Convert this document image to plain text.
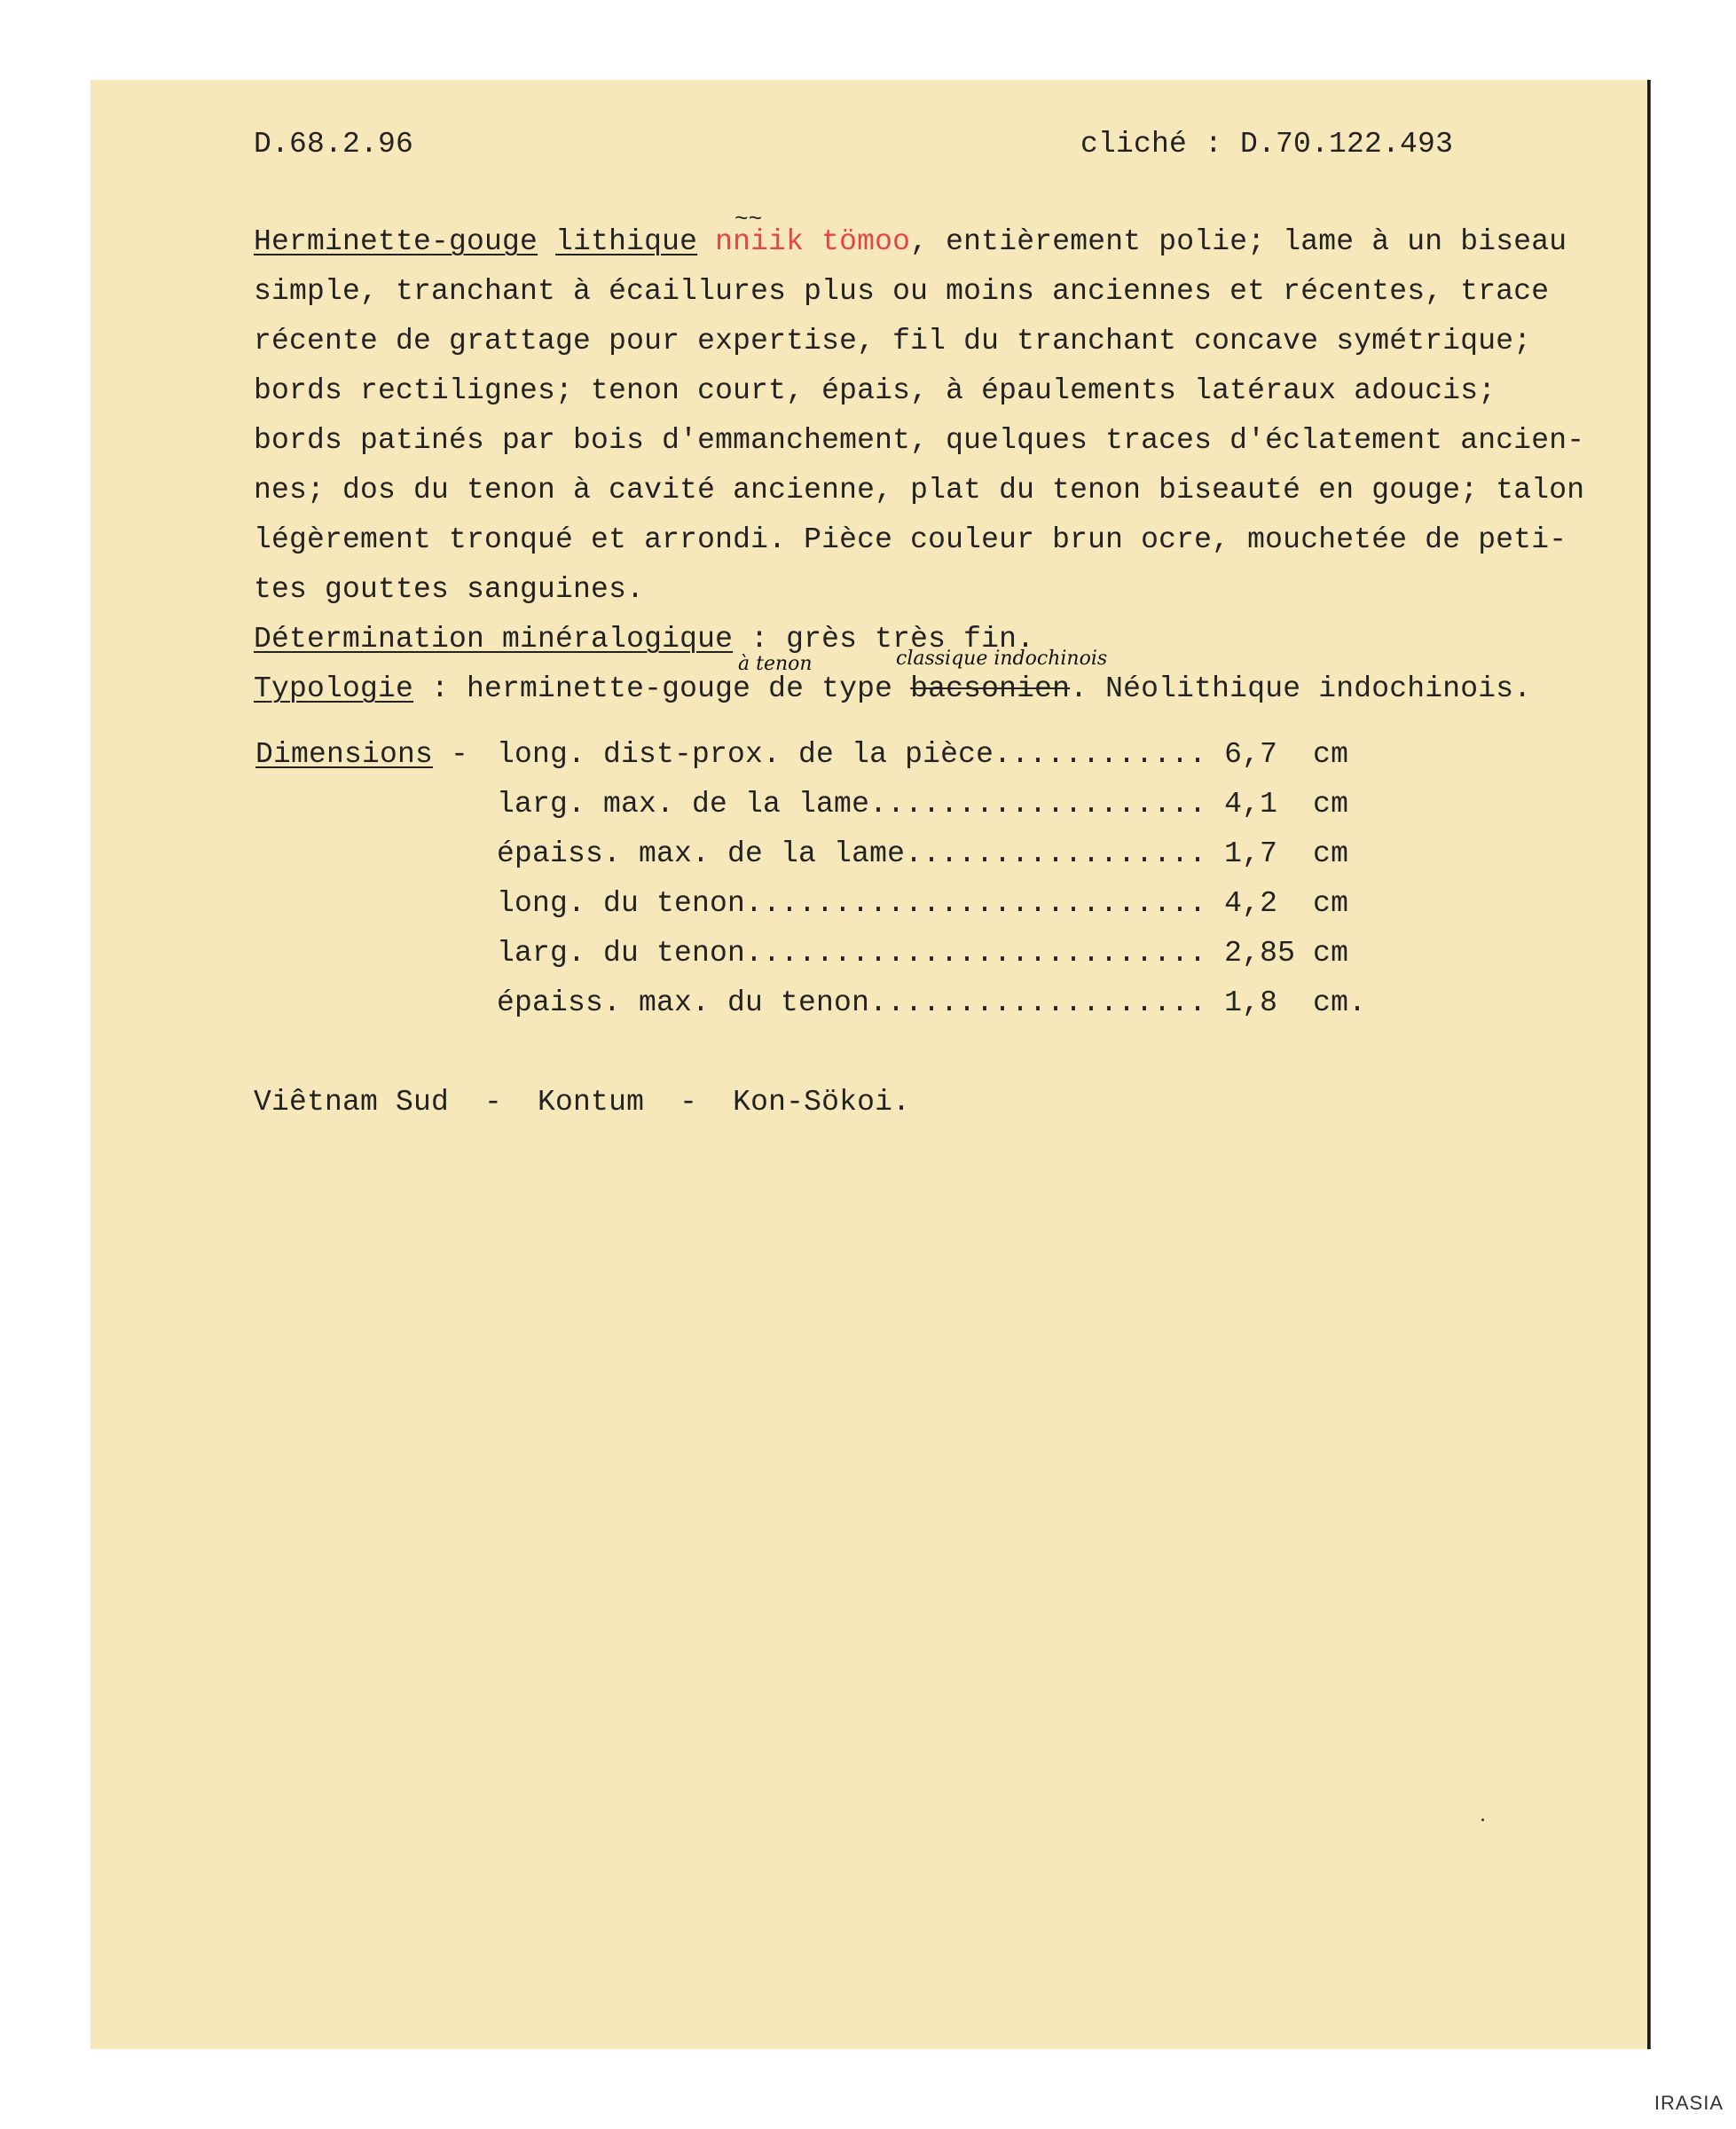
D.68.2.96	cliché : D.70.122.493
Herminette-gouge lithique nniik tömoo, entièrement polie; lame à un biseau
~~
simple, tranchant à écaillures plus ou moins anciennes et récentes, trace
récente de grattage pour expertise, fil du tranchant concave symétrique;
bords rectilignes; tenon court, épais, à épaulements latéraux adoucis;
bords patinés par bois d'emmanchement, quelques traces d'éclatement ancien-
nes; dos du tenon à cavité ancienne, plat du tenon biseauté en gouge; talon
légèrement tronqué et arrondi. Pièce couleur brun ocre, mouchetée de peti-
tes gouttes sanguines.
Détermination minéralogique : grès très fin.
à tenon	classique indochinois
Typologie : herminette-gouge de type bacsonien. Néolithique indochinois.
Dimensions - long. dist-prox. de la pièce............ 6,7  cm
larg. max. de la lame................... 4,1  cm
épaiss. max. de la lame................. 1,7  cm
long. du tenon.......................... 4,2  cm
larg. du tenon.......................... 2,85 cm
épaiss. max. du tenon................... 1,8  cm.
Viêtnam Sud  -  Kontum  -  Kon-Sökoi.
IRASIA
